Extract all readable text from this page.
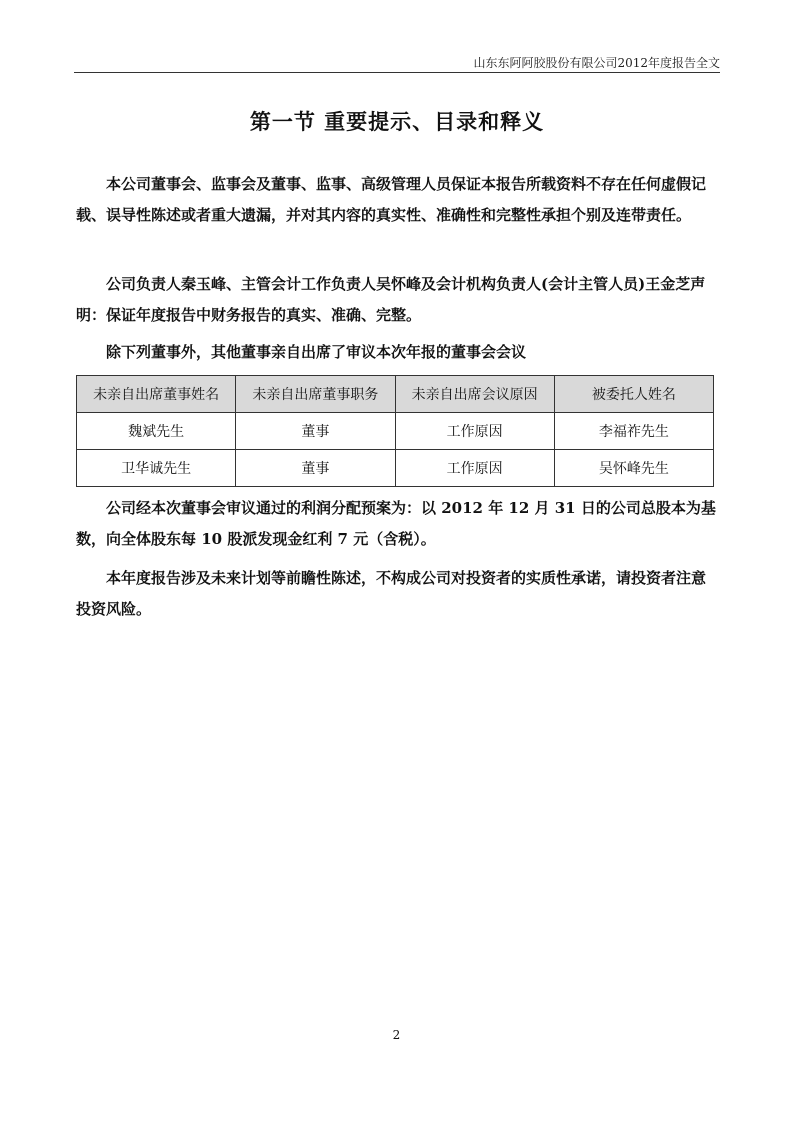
山东东阿阿胶股份有限公司2012年度报告全文
第一节 重要提示、目录和释义

本公司董事会、监事会及董事、监事、高级管理人员保证本报告所载资料不存在任何虚假记载、误导性陈述或者重大遗漏，并对其内容的真实性、准确性和完整性承担个别及连带责任。

公司负责人秦玉峰、主管会计工作负责人吴怀峰及会计机构负责人(会计主管人员)王金芝声明：保证年度报告中财务报告的真实、准确、完整。

除下列董事外，其他董事亲自出席了审议本次年报的董事会会议

未亲自出席董事姓名	未亲自出席董事职务	未亲自出席会议原因	被委托人姓名
魏斌先生	董事	工作原因	李福祚先生
卫华诚先生	董事	工作原因	吴怀峰先生

公司经本次董事会审议通过的利润分配预案为：以 2012 年 12 月 31 日的公司总股本为基数，向全体股东每 10 股派发现金红利 7 元（含税）。

本年度报告涉及未来计划等前瞻性陈述，不构成公司对投资者的实质性承诺，请投资者注意投资风险。

2
